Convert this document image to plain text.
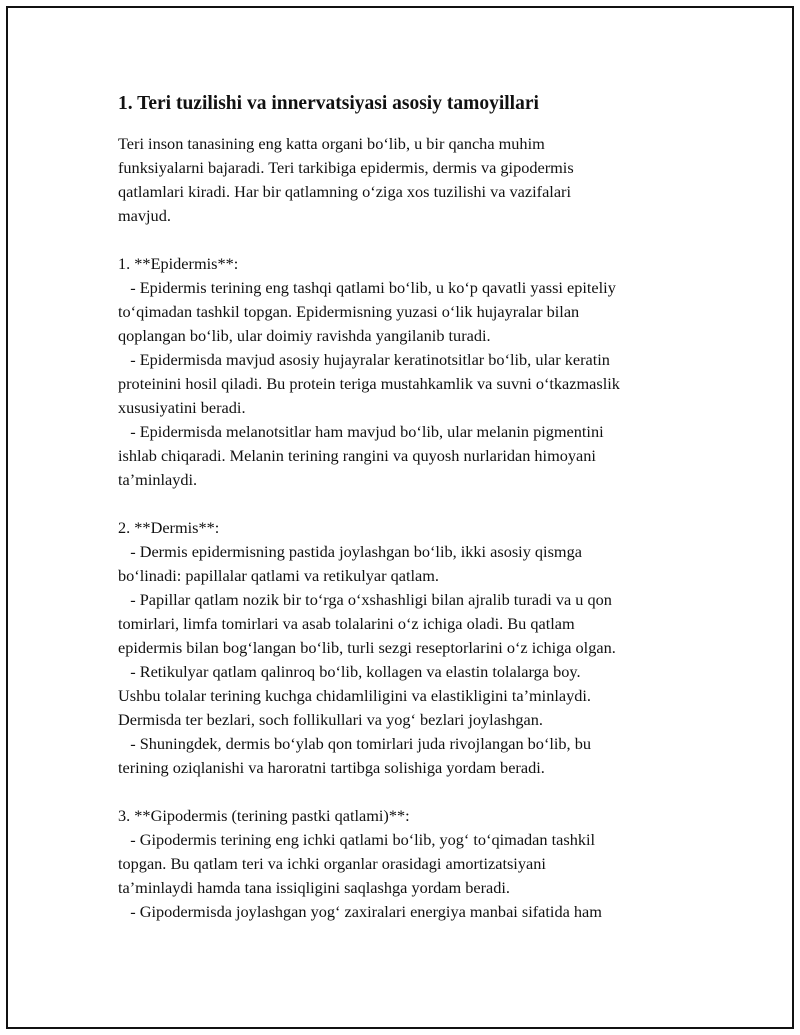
1. Teri tuzilishi va innervatsiyasi asosiy tamoyillari
Teri inson tanasining eng katta organi bo‘lib, u bir qancha muhim
funksiyalarni bajaradi. Teri tarkibiga epidermis, dermis va gipodermis
qatlamlari kiradi. Har bir qatlamning o‘ziga xos tuzilishi va vazifalari
mavjud.
1. **Epidermis**:
- Epidermis terining eng tashqi qatlami bo‘lib, u ko‘p qavatli yassi epiteliy
to‘qimadan tashkil topgan. Epidermisning yuzasi o‘lik hujayralar bilan
qoplangan bo‘lib, ular doimiy ravishda yangilanib turadi.
- Epidermisda mavjud asosiy hujayralar keratinotsitlar bo‘lib, ular keratin
proteinini hosil qiladi. Bu protein teriga mustahkamlik va suvni o‘tkazmaslik
xususiyatini beradi.
- Epidermisda melanotsitlar ham mavjud bo‘lib, ular melanin pigmentini
ishlab chiqaradi. Melanin terining rangini va quyosh nurlaridan himoyani
ta’minlaydi.
2. **Dermis**:
- Dermis epidermisning pastida joylashgan bo‘lib, ikki asosiy qismga
bo‘linadi: papillalar qatlami va retikulyar qatlam.
- Papillar qatlam nozik bir to‘rga o‘xshashligi bilan ajralib turadi va u qon
tomirlari, limfa tomirlari va asab tolalarini o‘z ichiga oladi. Bu qatlam
epidermis bilan bog‘langan bo‘lib, turli sezgi reseptorlarini o‘z ichiga olgan.
- Retikulyar qatlam qalinroq bo‘lib, kollagen va elastin tolalarga boy.
Ushbu tolalar terining kuchga chidamliligini va elastikligini ta’minlaydi.
Dermisda ter bezlari, soch follikullari va yog‘ bezlari joylashgan.
- Shuningdek, dermis bo‘ylab qon tomirlari juda rivojlangan bo‘lib, bu
terining oziqlanishi va haroratni tartibga solishiga yordam beradi.
3. **Gipodermis (terining pastki qatlami)**:
- Gipodermis terining eng ichki qatlami bo‘lib, yog‘ to‘qimadan tashkil
topgan. Bu qatlam teri va ichki organlar orasidagi amortizatsiyani
ta’minlaydi hamda tana issiqligini saqlashga yordam beradi.
- Gipodermisda joylashgan yog‘ zaxiralari energiya manbai sifatida ham
